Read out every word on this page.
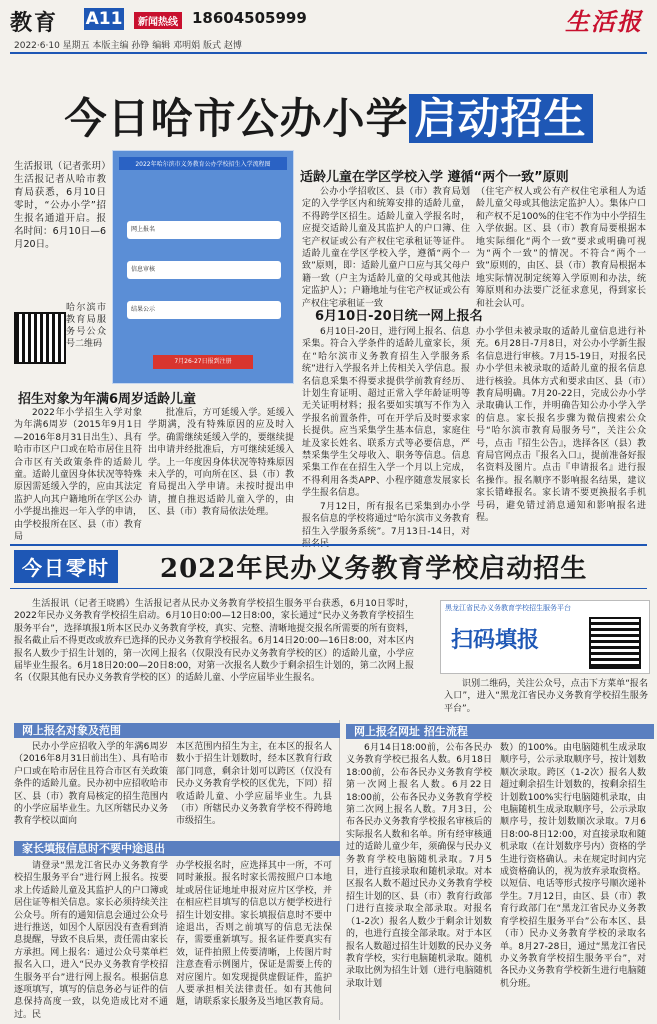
教育 A11	新闻热线 18604505999	生活报
2022·6·10 星期五 本版主编 孙铮 编辑 邓明娟 版式 赵博
今日哈市公办小学 启动招生
2022年哈尔滨市义务教育公办学校招生入学流程图
网上报名
信息审核
结果公示
7月26-27日报到注册
生活报讯（记者张玥）生活报记者从哈市教育局获悉，6月10日零时，“公办小学”招生报名通道开启。报名时间：6月10日—6月20日。
哈尔滨市教育局服务号公众号二维码
招生对象为年满6周岁适龄儿童

2022年小学招生入学对象为年满6周岁（2015年9月1日—2016年8月31日出生）、具有哈市市区户口或在哈市居住且符合市区有关政策条件的适龄儿童。适龄儿童因身体状况等特殊原因需延缓入学的，应由其法定监护人向其户籍地所在学区公办小学提出推迟一年入学的申请，由学校报所在区、县（市）教育局

批准后，方可延缓入学。延缓入学期满，没有特殊原因的应及时入学。确需继续延缓入学的，要继续提出申请并经批准后，方可继续延缓入学。上一年度因身体状况等特殊原因未入学的，可向所在区、县（市）教育局提出入学申请。未按时提出申请，擅自推迟适龄儿童入学的，由区、县（市）教育局依法处理。

适龄儿童在学区学校入学 遵循“两个一致”原则

公办小学招收区、县（市）教育局划定的入学学区内和统筹安排的适龄儿童，不得跨学区招生。适龄儿童入学报名时，应提交适龄儿童及其监护人的户口簿、住宅产权证或公有产权住宅承租证等证件。适龄儿童在学区学校入学，遵循“两个一致”原则，即：适龄儿童户口应与其父母户籍一致（户主为适龄儿童的父母或其他法定监护人）；户籍地址与住宅产权证或公有产权住宅承租证一致

（住宅产权人或公有产权住宅承租人为适龄儿童父母或其他法定监护人）。集体户口和产权不足100%的住宅不作为中小学招生入学依据。区、县（市）教育局要根据本地实际细化“两个一致”要求或明确可视为“两个一致”的情况。不符合“两个一致”原则的，由区、县（市）教育局根据本地实际情况制定统筹入学原则和办法，统筹原则和办法要广泛征求意见，得到家长和社会认可。

6月10日-20日统一网上报名

6月10日-20日，进行网上报名、信息采集。符合入学条件的适龄儿童家长，须在“哈尔滨市义务教育招生入学服务系统”进行入学报名并上传相关入学信息。报名信息采集不得要求提供学前教育经历、计划生育证明、超过正常入学年龄证明等无关证明材料；报名要如实填写不作为入学报名前置条件，可在开学后及时要求家长提供。应当采集学生基本信息，家庭住址及家长姓名、联系方式等必要信息，严禁采集学生父母收入、职务等信息。信息采集工作在在招生入学一个月以上完成，不得利用各类APP、小程序随意发展家长学生报名信息。

7月12日，所有报名已采集到办小学报名信息的学校将通过“哈尔滨市义务教育招生入学服务系统”。7月13日-14日，对报名民

办小学但未被录取的适龄儿童信息进行补充。6月28日-7月8日，对公办小学新生报名信息进行审核。7月15-19日，对报名民办小学但未被录取的适龄儿童的报名信息进行核验。具体方式和要求由区、县（市）教育局明确。7月20-22日，完成公办小学录取确认工作，并明确告知公办小学入学的信息。家长报名步骤为微信搜索公众号“哈尔滨市教育局服务号”，关注公众号，点击『招生公告』，选择各区（县）教育局官网点击『报名入口』，提前准备好报名资料及图片。点击『申请报名』进行报名操作。报名顺序不影响报名结果，建议家长错峰报名。家长请不要更换报名手机号码，避免错过消息通知和影响报名进程。

今日零时	2022年民办义务教育学校启动招生

生活报讯（记者王晓鸥）生活报记者从民办义务教育学校招生服务平台获悉，6月10日零时，2022年民办义务教育学校招生启动。6月10日0:00—12日8:00，家长通过“民办义务教育学校招生服务平台”，选择填报1所本区民办义务教育学校，真实、完整、清晰地提交报名所需要的所有资料，报名截止后不得更改或放弃已选择的民办义务教育学校报名。6月14日20:00—16日8:00，对本区内报名人数少于招生计划的，第一次网上报名（仅限没有民办义务教育学校的区）的适龄儿童，小学应届毕业生报名。6月18日20:00—20日8:00，对第一次报名人数少于剩余招生计划的，第二次网上报名（仅限其他有民办义务教育学校的区）的适龄儿童、小学应届毕业生报名。

黑龙江省民办义务教育学校招生服务平台
扫码填报

识别二维码，关注公众号，点击下方菜单“报名入口”，进入“黑龙江省民办义务教育学校招生服务平台”。

网上报名对象及范围

民办小学应招收入学的年满6周岁（2016年8月31日前出生）、具有哈市户口或在哈市居住且符合市区有关政策条件的适龄儿童。民办初中应招收哈市区、县（市）教育局核定的招生范围内的小学应届毕业生。九区所辖民办义务教育学校以面向

本区范围内招生为主，在本区的报名人数小于招生计划数时，经本区教育行政部门同意，剩余计划可以跨区（仅没有民办义务教育学校的区优先，下同）招收适龄儿童、小学应届毕业生。九县（市）所辖民办义务教育学校不得跨地市级招生。

家长填报信息时不要中途退出

请登录“黑龙江省民办义务教育学校招生服务平台”进行网上报名。按要求上传适龄儿童及其监护人的户口簿或居住证等相关信息。家长必须持续关注公众号。所有的通知信息会通过公众号进行推送，如因个人原因没有查看到消息提醒，导致不良后果，责任需由家长方承担。网上报名：通过公众号菜单栏报名入口，进入“民办义务教育学校招生服务平台”进行网上报名。根据信息逐项填写，填写的信息务必与证件的信息保持高度一致，以免造成比对不通过。民

办学校报名时，应选择其中一所，不可同时兼报。报名时家长需按照户口本地址或居住证地址申报对应片区学校，并在相应栏目填写的信息以方便学校进行招生计划安排。家长填报信息时不要中途退出，否则之前填写的信息无法保存，需要重新填写。报名证件要真实有效，证件拍照上传要清晰，上传图片时注意查看示例图片，保证是需要上传的对应图片。如发现提供虚假证件，监护人要承担相关法律责任。如有其他问题，请联系家长服务及当地区教育局。

网上报名网址 招生流程

6月14日18:00前，公布各民办义务教育学校已报名人数。6月18日18:00前，公布各民办义务教育学校第一次网上报名人数。6月22日18:00前，公布各民办义务教育学校第二次网上报名人数。7月3日，公布各民办义务教育学校报名审核后的实际报名人数和名单。所有经审核通过的适龄儿童少年，须确保与民办义务教育学校电脑随机录取。7月5日，进行直接录取和随机录取。对本区报名人数不超过民办义务教育学校招生计划的区、县（市）教育行政部门进行直接录取全部录取。对报名（1-2次）报名人数少于剩余计划数的，也进行直接全部录取。对于本区报名人数超过招生计划数的民办义务教育学校，实行电脑随机录取。随机录取比例为招生计划（进行电脑随机录取计划

数）的100%。由电脑随机生成录取顺序号，公示录取顺序号，按计划数顺次录取。跨区（1-2次）报名人数超过剩余招生计划数的，按剩余招生计划数100%实行电脑随机录取，由电脑随机生成录取顺序号，公示录取顺序号，按计划数顺次录取。7月6日8:00-8日12:00，对直接录取和随机录取（在计划数序号内）资格的学生进行资格确认。未在规定时间内完成资格确认的，视为放弃录取资格。以短信、电话等形式按序号顺次递补学生。7月12日，由区、县（市）教育行政部门在“黑龙江省民办义务教育学校招生服务平台”公布本区、县（市）民办义务教育学校的录取名单。8月27-28日，通过“黑龙江省民办义务教育学校招生服务平台”，对各民办义务教育学校新生进行电脑随机分班。
